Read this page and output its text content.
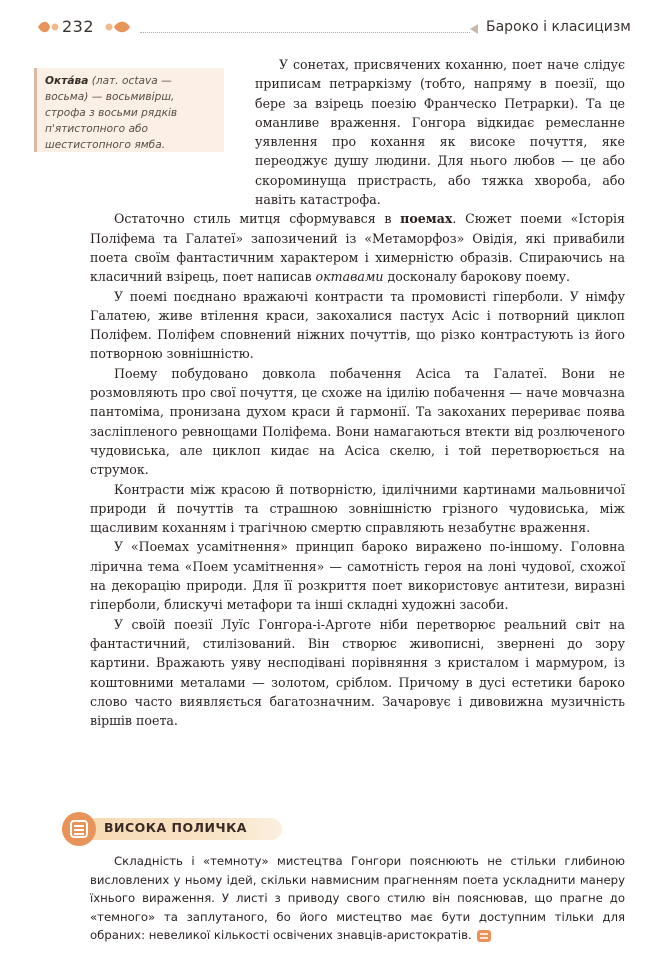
232	Бароко і класицизм
Окта́ва (лат. octava — восьма) — восьмивірш, строфа з восьми рядків п'ятистопного або шестистопного ямба.

У сонетах, присвячених коханню, поет наче слідує приписам петраркізму (тобто, напряму в поезії, що бере за взірець поезію Франческо Петрарки). Та це оманливе враження. Гонгора відкидає ремесланне уявлення про кохання як високе почуття, яке переоджує душу людини. Для нього любов — це або скороминуща пристрасть, або тяжка хвороба, або навіть катастрофа.

Остаточно стиль митця сформувався в поемах. Сюжет поеми «Історія Поліфема та Галатеї» запозичений із «Метаморфоз» Овідія, які привабили поета своїм фантастичним характером і химерністю образів. Спираючись на класичний взірець, поет написав октавами досконалу барокову поему.

У поемі поєднано вражаючі контрасти та промовисті гіперболи. У німфу Галатею, живе втілення краси, закохалися пастух Асіс і потворний циклоп Поліфем. Поліфем сповнений ніжних почуттів, що різко контрастують із його потворною зовнішністю.

Поему побудовано довкола побачення Асіса та Галатеї. Вони не розмовляють про свої почуття, це схоже на ідилію побачення — наче мовчазна пантоміма, пронизана духом краси й гармонії. Та закоханих перериває поява засліпленого ревнощами Поліфема. Вони намагаються втекти від розлюченого чудовиська, але циклоп кидає на Асіса скелю, і той перетворюється на струмок.

Контрасти між красою й потворністю, ідилічними картинами мальовничої природи й почуттів та страшною зовнішністю грізного чудовиська, між щасливим коханням і трагічною смертю справляють незабутнє враження.

У «Поемах усамітнення» принцип бароко виражено по-іншому. Головна лірична тема «Поем усамітнення» — самотність героя на лоні чудової, схожої на декорацію природи. Для її розкриття поет використовує антитези, виразні гіперболи, блискучі метафори та інші складні художні засоби.

У своїй поезії Луїс Гонгора-і-Арготе ніби перетворює реальний світ на фантастичний, стилізований. Він створює живописні, звернені до зору картини. Вражають уяву несподівані порівняння з кристалом і мармуром, із коштовними металами — золотом, сріблом. Причому в дусі естетики бароко слово часто виявляється багатозначним. Зачаровує і дивовижна музичність віршів поета.

ВИСОКА ПОЛИЧКА

Складність і «темноту» мистецтва Гонгори пояснюють не стільки глибиною висловлених у ньому ідей, скільки навмисним прагненням поета ускладнити манеру їхнього вираження. У листі з приводу свого стилю він пояснював, що прагне до «темного» та заплутаного, бо його мистецтво має бути доступним тільки для обраних: невеликої кількості освічених знавців-аристократів.
